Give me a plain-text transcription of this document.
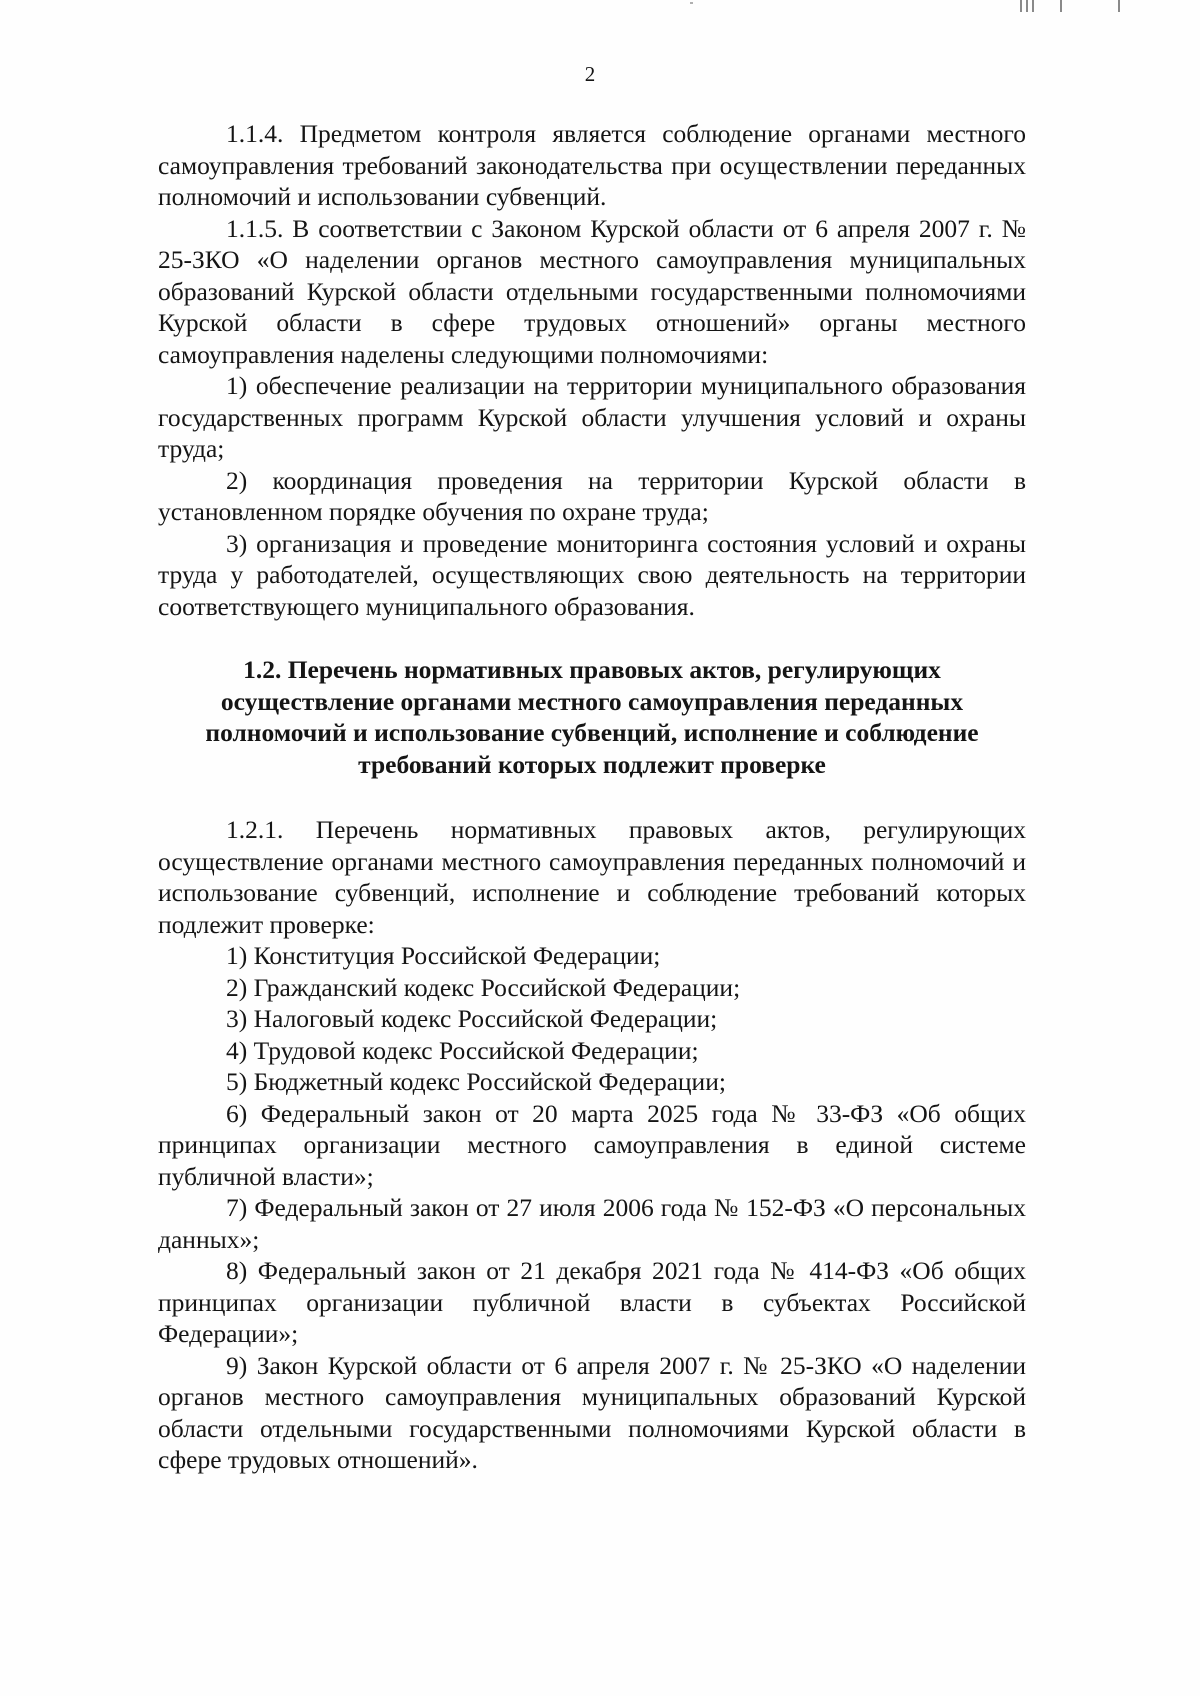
2

1.1.4. Предметом контроля является соблюдение органами местного самоуправления требований законодательства при осуществлении переданных полномочий и использовании субвенций.

1.1.5. В соответствии с Законом Курской области от 6 апреля 2007 г. № 25-ЗКО «О наделении органов местного самоуправления муниципальных образований Курской области отдельными государственными полномочиями Курской области в сфере трудовых отношений» органы местного самоуправления наделены следующими полномочиями:

1) обеспечение реализации на территории муниципального образования государственных программ Курской области улучшения условий и охраны труда;

2) координация проведения на территории Курской области в установленном порядке обучения по охране труда;

3) организация и проведение мониторинга состояния условий и охраны труда у работодателей, осуществляющих свою деятельность на территории соответствующего муниципального образования.

1.2. Перечень нормативных правовых актов, регулирующих осуществление органами местного самоуправления переданных полномочий и использование субвенций, исполнение и соблюдение требований которых подлежит проверке

1.2.1. Перечень нормативных правовых актов, регулирующих осуществление органами местного самоуправления переданных полномочий и использование субвенций, исполнение и соблюдение требований которых подлежит проверке:

1) Конституция Российской Федерации;

2) Гражданский кодекс Российской Федерации;

3) Налоговый кодекс Российской Федерации;

4) Трудовой кодекс Российской Федерации;

5) Бюджетный кодекс Российской Федерации;

6) Федеральный закон от 20 марта 2025 года № 33-ФЗ «Об общих принципах организации местного самоуправления в единой системе публичной власти»;

7) Федеральный закон от 27 июля 2006 года № 152-ФЗ «О персональных данных»;

8) Федеральный закон от 21 декабря 2021 года № 414-ФЗ «Об общих принципах организации публичной власти в субъектах Российской Федерации»;

9) Закон Курской области от 6 апреля 2007 г. № 25-ЗКО «О наделении органов местного самоуправления муниципальных образований Курской области отдельными государственными полномочиями Курской области в сфере трудовых отношений».
